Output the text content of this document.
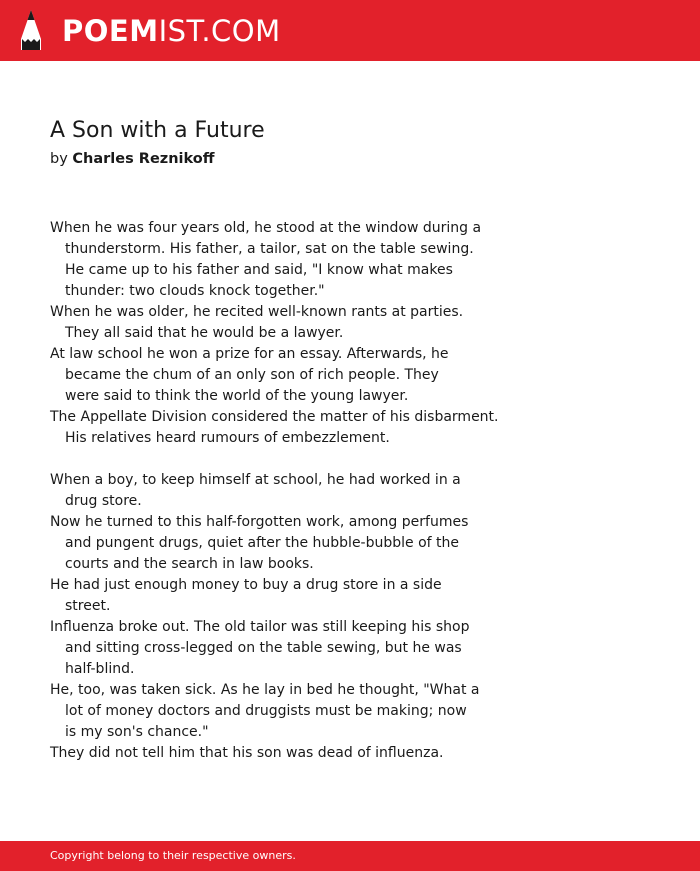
POEMIST.COM
A Son with a Future
by Charles Reznikoff
When he was four years old, he stood at the window during a
thunderstorm. His father, a tailor, sat on the table sewing.
He came up to his father and said, "I know what makes
thunder: two clouds knock together."
When he was older, he recited well-known rants at parties.
They all said that he would be a lawyer.
At law school he won a prize for an essay. Afterwards, he
became the chum of an only son of rich people. They
were said to think the world of the young lawyer.
The Appellate Division considered the matter of his disbarment.
His relatives heard rumours of embezzlement.
When a boy, to keep himself at school, he had worked in a
drug store.
Now he turned to this half-forgotten work, among perfumes
and pungent drugs, quiet after the hubble-bubble of the
courts and the search in law books.
He had just enough money to buy a drug store in a side
street.
Influenza broke out. The old tailor was still keeping his shop
and sitting cross-legged on the table sewing, but he was
half-blind.
He, too, was taken sick. As he lay in bed he thought, "What a
lot of money doctors and druggists must be making; now
is my son's chance."
They did not tell him that his son was dead of influenza.
Copyright belong to their respective owners.
